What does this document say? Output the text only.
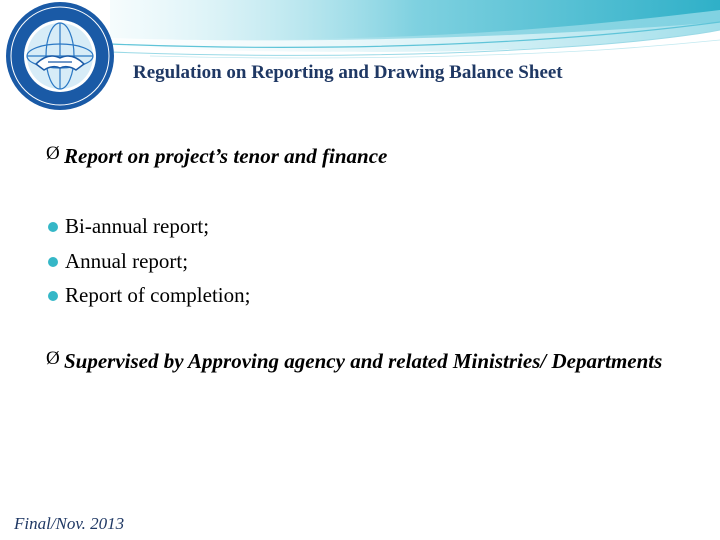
Regulation on Reporting and Drawing Balance Sheet
Ø Report on project’s tenor and finance
Bi-annual report;
Annual report;
Report of completion;
Ø Supervised by Approving agency and related Ministries/ Departments
Final/Nov. 2013
